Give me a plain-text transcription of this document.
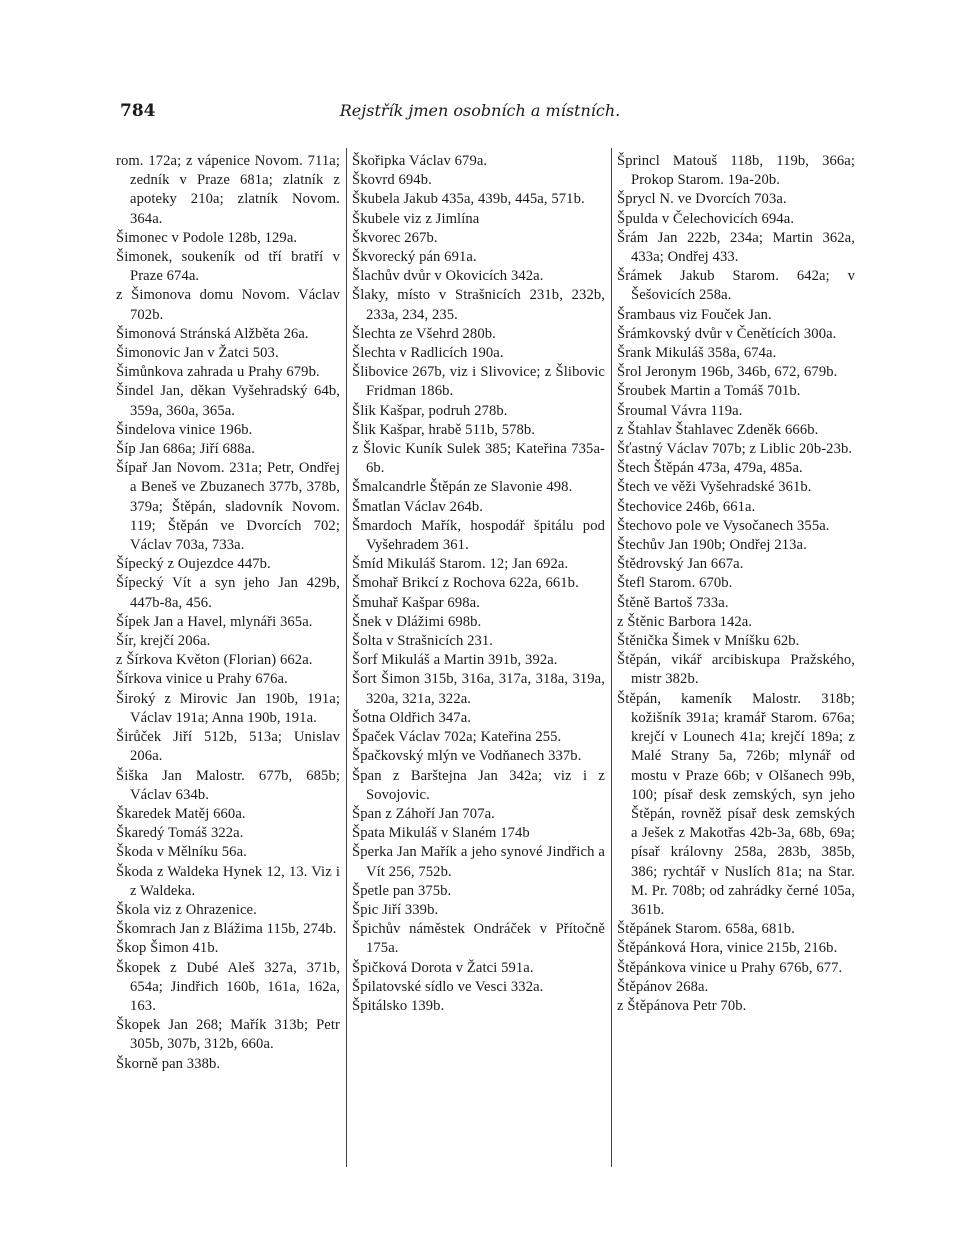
784	Rejstřík jmen osobních a místních.
rom. 172a; z vápenice Novom. 711a; zedník v Praze 681a; zlatník z apoteky 210a; zlatník Novom. 364a.
Šimonec v Podole 128b, 129a.
Šimonek, soukeník od tří bratří v Praze 674a.
z Šimonova domu Novom. Václav 702b.
Šimonová Stránská Alžběta 26a.
Šimonovic Jan v Žatci 503.
Šimůnkova zahrada u Prahy 679b.
Šindel Jan, děkan Vyšehradský 64b, 359a, 360a, 365a.
Šindelova vinice 196b.
Šíp Jan 686a; Jiří 688a.
Šípař Jan Novom. 231a; Petr, Ondřej a Beneš ve Zbuzanech 377b, 378b, 379a; Štěpán, sladovník Novom. 119; Štěpán ve Dvorcích 702; Václav 703a, 733a.
Šípecký z Oujezdce 447b.
Šípecký Vít a syn jeho Jan 429b, 447b-8a, 456.
Šípek Jan a Havel, mlynáři 365a.
Šír, krejčí 206a.
z Šírkova Květon (Florian) 662a.
Šírkova vinice u Prahy 676a.
Široký z Mirovic Jan 190b, 191a; Václav 191a; Anna 190b, 191a.
Širůček Jiří 512b, 513a; Unislav 206a.
Šiška Jan Malostr. 677b, 685b; Václav 634b.
Škaredek Matěj 660a.
Škaredý Tomáš 322a.
Škoda v Mělníku 56a.
Škoda z Waldeka Hynek 12, 13. Viz i z Waldeka.
Škola viz z Ohrazenice.
Škomrach Jan z Blážima 115b, 274b.
Škop Šimon 41b.
Škopek z Dubé Aleš 327a, 371b, 654a; Jindřich 160b, 161a, 162a, 163.
Škopek Jan 268; Mařík 313b; Petr 305b, 307b, 312b, 660a.
Škorně pan 338b.
Škořipka Václav 679a.
Škovrd 694b.
Škubela Jakub 435a, 439b, 445a, 571b.
Škubele viz z Jimlína
Škvorec 267b.
Škvorecký pán 691a.
Šlachův dvůr v Okovicích 342a.
Šlaky, místo v Strašnicích 231b, 232b, 233a, 234, 235.
Šlechta ze Všehrd 280b.
Šlechta v Radlicích 190a.
Šlibovice 267b, viz i Slivovice; z Šlibovic Fridman 186b.
Šlik Kašpar, podruh 278b.
Šlik Kašpar, hrabě 511b, 578b.
z Šlovic Kuník Sulek 385; Kateřina 735a-6b.
Šmalcandrle Štěpán ze Slavonie 498.
Šmatlan Václav 264b.
Šmardoch Mařík, hospodář špitálu pod Vyšehradem 361.
Šmíd Mikuláš Starom. 12; Jan 692a.
Šmohař Brikcí z Rochova 622a, 661b.
Šmuhař Kašpar 698a.
Šnek v Dlážimi 698b.
Šolta v Strašnicích 231.
Šorf Mikuláš a Martin 391b, 392a.
Šort Šimon 315b, 316a, 317a, 318a, 319a, 320a, 321a, 322a.
Šotna Oldřich 347a.
Špaček Václav 702a; Kateřina 255.
Špačkovský mlýn ve Vodňanech 337b.
Špan z Barštejna Jan 342a; viz i z Sovojovic.
Špan z Záhoří Jan 707a.
Špata Mikuláš v Slaném 174b
Šperka Jan Mařík a jeho synové Jindřich a Vít 256, 752b.
Špetle pan 375b.
Špic Jiří 339b.
Špichův náměstek Ondráček v Přítočně 175a.
Špičková Dorota v Žatci 591a.
Špilatovské sídlo ve Vesci 332a.
Špitálsko 139b.
Šprincl Matouš 118b, 119b, 366a; Prokop Starom. 19a-20b.
Šprycl N. ve Dvorcích 703a.
Špulda v Čelechovicích 694a.
Šrám Jan 222b, 234a; Martin 362a, 433a; Ondřej 433.
Šrámek Jakub Starom. 642a; v Šešovicích 258a.
Šrambaus viz Fouček Jan.
Šrámkovský dvůr v Čenětících 300a.
Šrank Mikuláš 358a, 674a.
Šrol Jeronym 196b, 346b, 672, 679b.
Šroubek Martin a Tomáš 701b.
Šroumal Vávra 119a.
z Štahlav Štahlavec Zdeněk 666b.
Šťastný Václav 707b; z Liblic 20b-23b.
Štech Štěpán 473a, 479a, 485a.
Štech ve věži Vyšehradské 361b.
Štechovice 246b, 661a.
Štechovo pole ve Vysočanech 355a.
Štechův Jan 190b; Ondřej 213a.
Štědrovský Jan 667a.
Štefl Starom. 670b.
Štěně Bartoš 733a.
z Štěnic Barbora 142a.
Štěnička Šimek v Mníšku 62b.
Štěpán, vikář arcibiskupa Pražského, mistr 382b.
Štěpán, kameník Malostr. 318b; kožišník 391a; kramář Starom. 676a; krejčí v Lounech 41a; krejčí 189a; z Malé Strany 5a, 726b; mlynář od mostu v Praze 66b; v Olšanech 99b, 100; písař desk zemských, syn jeho Štěpán, rovněž písař desk zemských a Ješek z Makotřas 42b-3a, 68b, 69a; písař královny 258a, 283b, 385b, 386; rychtář v Nuslích 81a; na Star. M. Pr. 708b; od zahrádky černé 105a, 361b.
Štěpánek Starom. 658a, 681b.
Štěpánková Hora, vinice 215b, 216b.
Štěpánkova vinice u Prahy 676b, 677.
Štěpánov 268a.
z Štěpánova Petr 70b.
